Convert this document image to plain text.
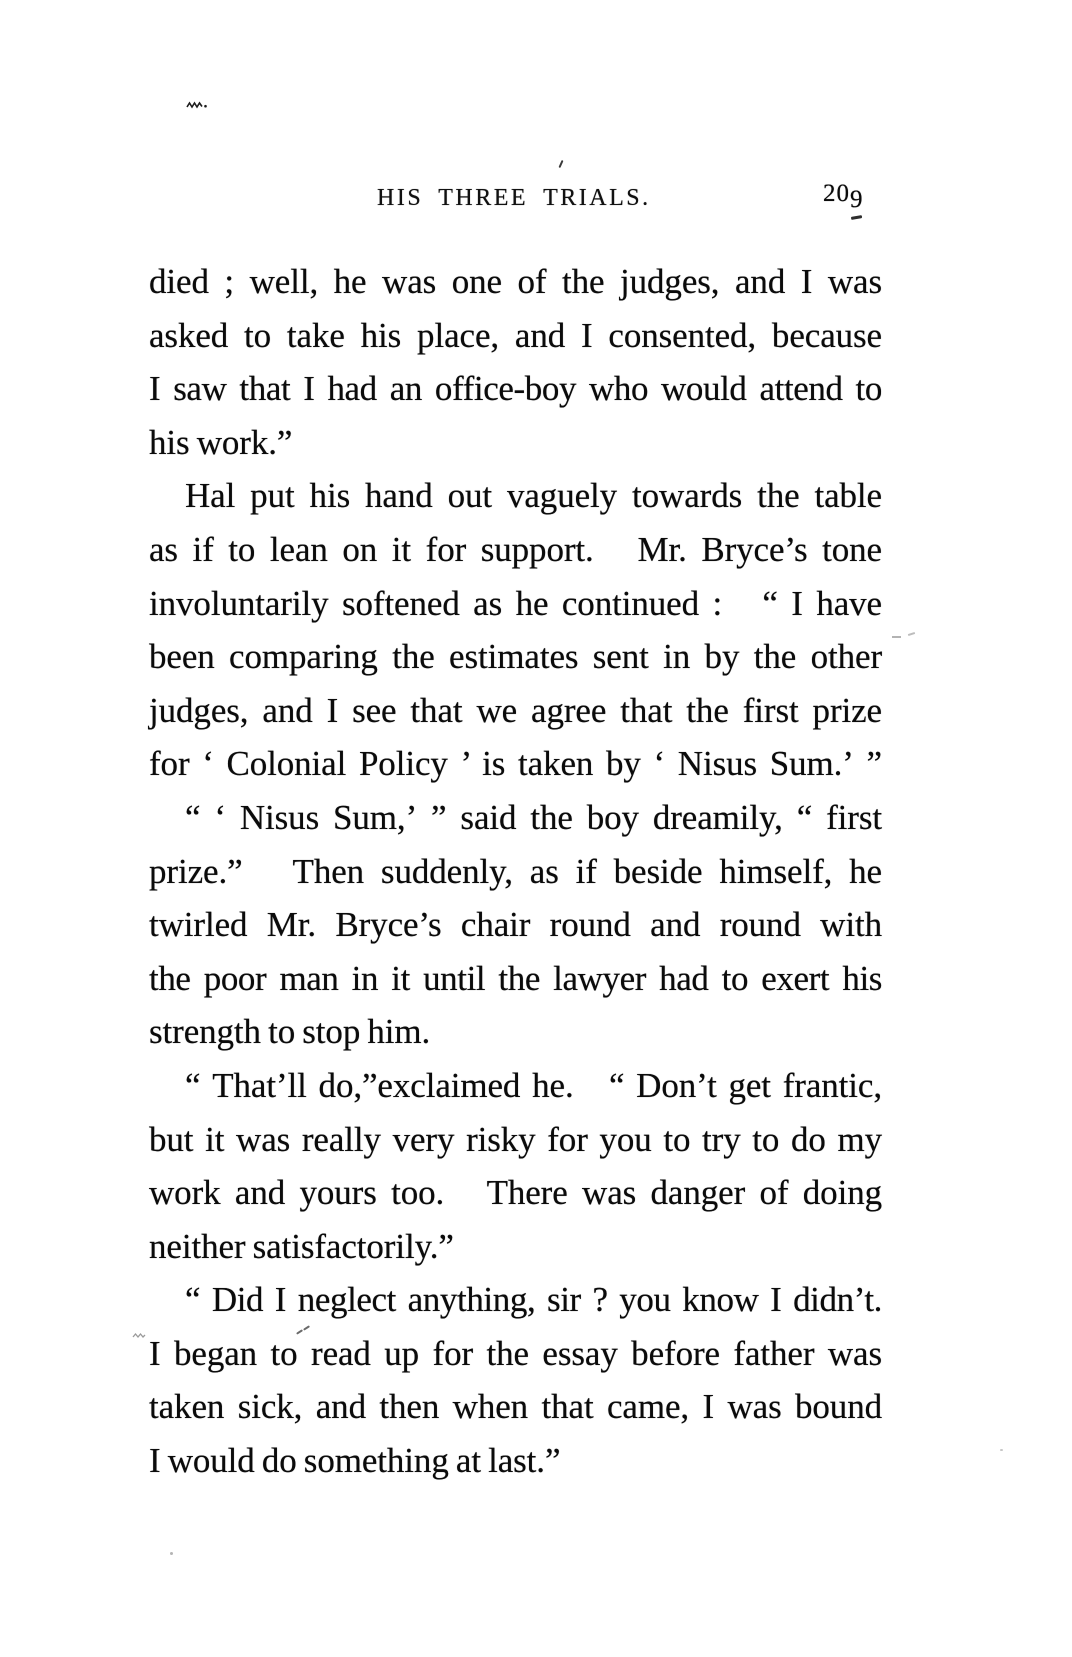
HIS THREE TRIALS.	209
died ; well, he was one of the judges, and I was
asked to take his place, and I consented, because
I saw that I had an office-boy who would attend to
his work.”
Hal put his hand out vaguely towards the table
as if to lean on it for support.   Mr. Bryce’s tone
involuntarily softened as he continued :   “ I have
been comparing the estimates sent in by the other
judges, and I see that we agree that the first prize
for ‘ Colonial Policy ’ is taken by ‘ Nisus Sum.’ ”
“ ‘ Nisus Sum,’ ” said the boy dreamily, “ first
prize.”   Then suddenly, as if beside himself, he
twirled Mr. Bryce’s chair round and round with
the poor man in it until the lawyer had to exert his
strength to stop him.
“ That’ll do,”exclaimed he.   “ Don’t get frantic,
but it was really very risky for you to try to do my
work and yours too.   There was danger of doing
neither satisfactorily.”
“ Did I neglect anything, sir ? you know I didn’t.
I began to read up for the essay before father was
taken sick, and then when that came, I was bound
I would do something at last.”
